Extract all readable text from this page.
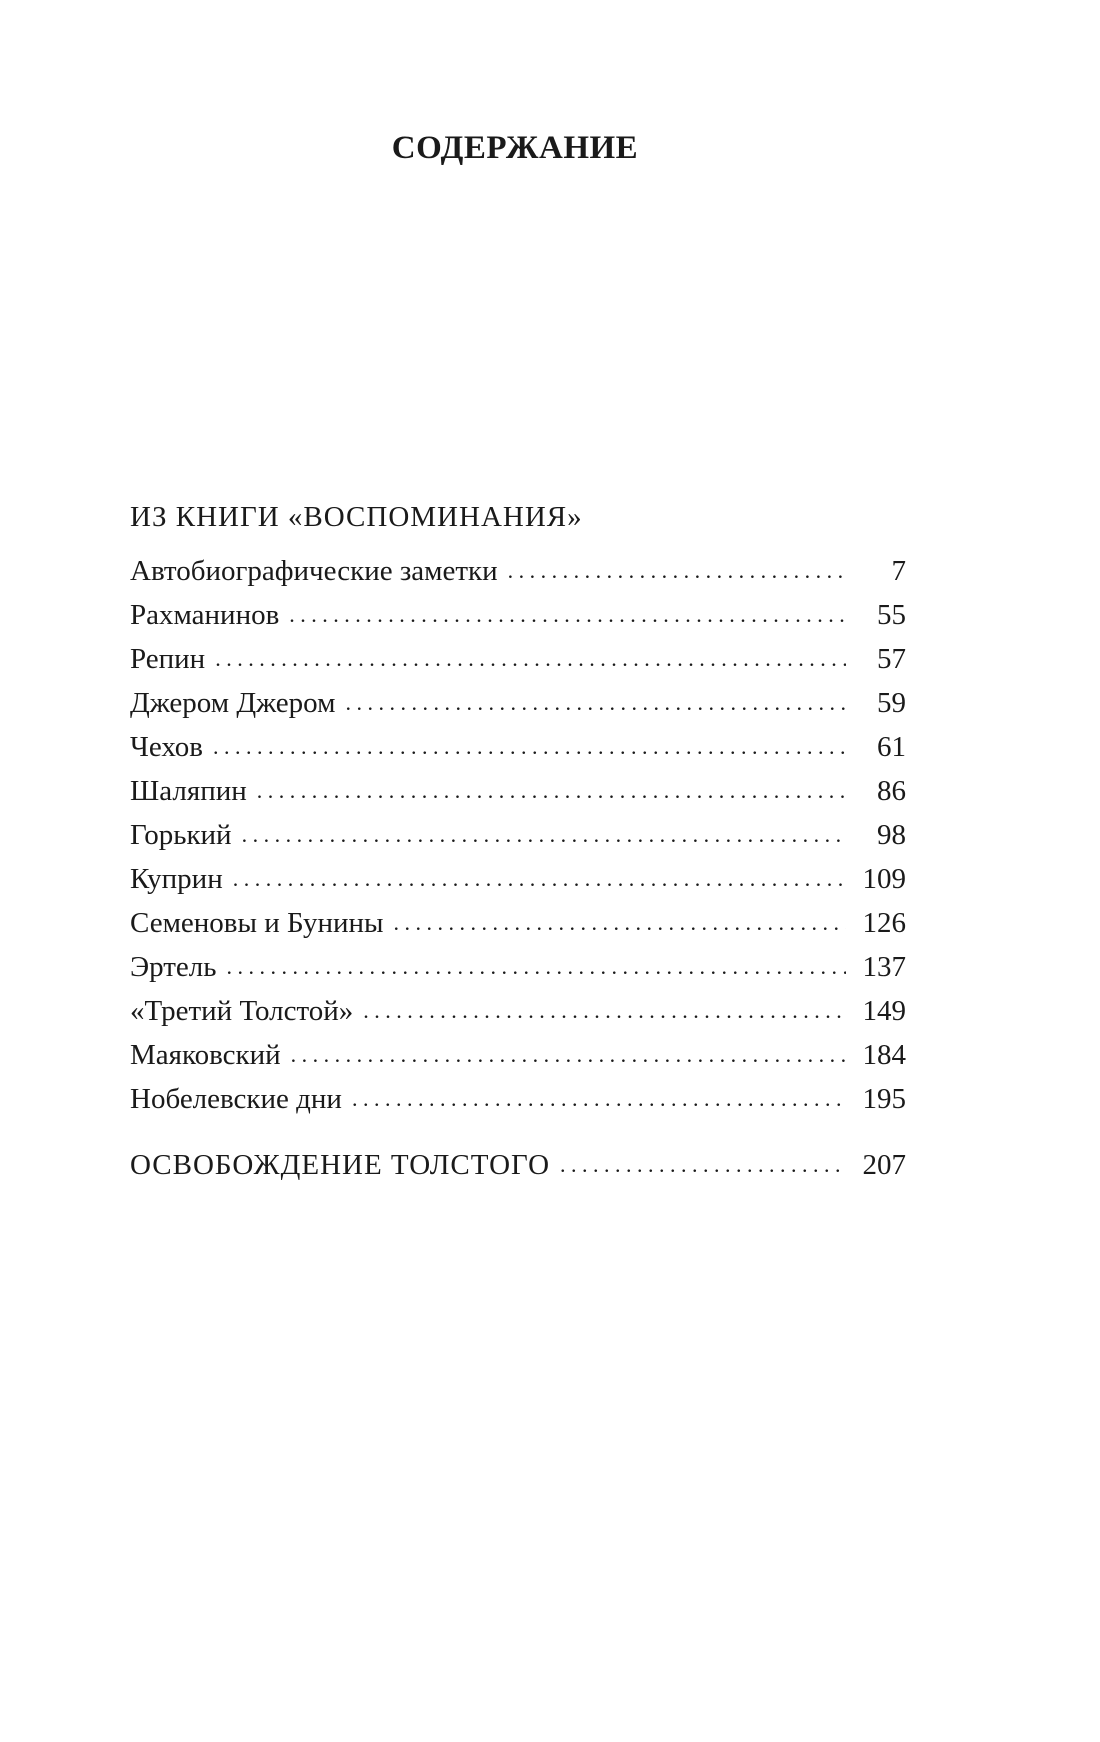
СОДЕРЖАНИЕ
ИЗ КНИГИ «ВОСПОМИНАНИЯ»
Автобиографические заметки . . .	7
Рахманинов . . .	55
Репин . . .	57
Джером Джером . . .	59
Чехов . . .	61
Шаляпин . . .	86
Горький . . .	98
Куприн . . .	109
Семеновы и Бунины . . .	126
Эртель . . .	137
«Третий Толстой» . . .	149
Маяковский . . .	184
Нобелевские дни . . .	195
ОСВОБОЖДЕНИЕ ТОЛСТОГО . . .	207
